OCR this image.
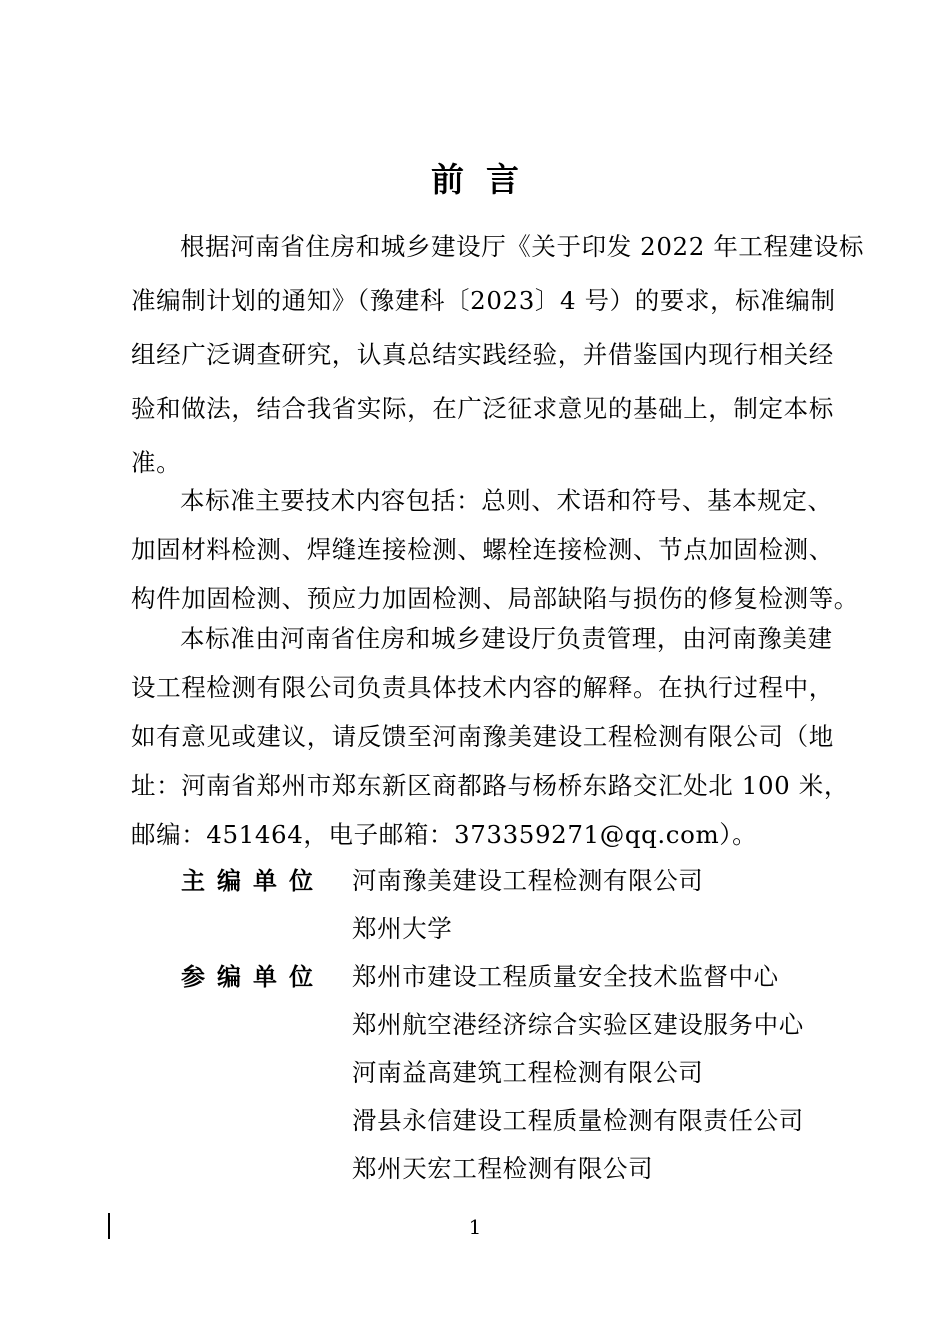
前言
根据河南省住房和城乡建设厅《关于印发 2022 年工程建设标
准编制计划的通知》（豫建科〔2023〕4 号）的要求，标准编制
组经广泛调查研究，认真总结实践经验，并借鉴国内现行相关经
验和做法，结合我省实际，在广泛征求意见的基础上，制定本标
准。
本标准主要技术内容包括：总则、术语和符号、基本规定、
加固材料检测、焊缝连接检测、螺栓连接检测、节点加固检测、
构件加固检测、预应力加固检测、局部缺陷与损伤的修复检测等。
本标准由河南省住房和城乡建设厅负责管理，由河南豫美建
设工程检测有限公司负责具体技术内容的解释。在执行过程中，
如有意见或建议，请反馈至河南豫美建设工程检测有限公司（地
址：河南省郑州市郑东新区商都路与杨桥东路交汇处北 100 米，
邮编：451464，电子邮箱：373359271@qq.com）。
主编单位 河南豫美建设工程检测有限公司
郑州大学
参编单位 郑州市建设工程质量安全技术监督中心
郑州航空港经济综合实验区建设服务中心
河南益高建筑工程检测有限公司
滑县永信建设工程质量检测有限责任公司
郑州天宏工程检测有限公司
1
